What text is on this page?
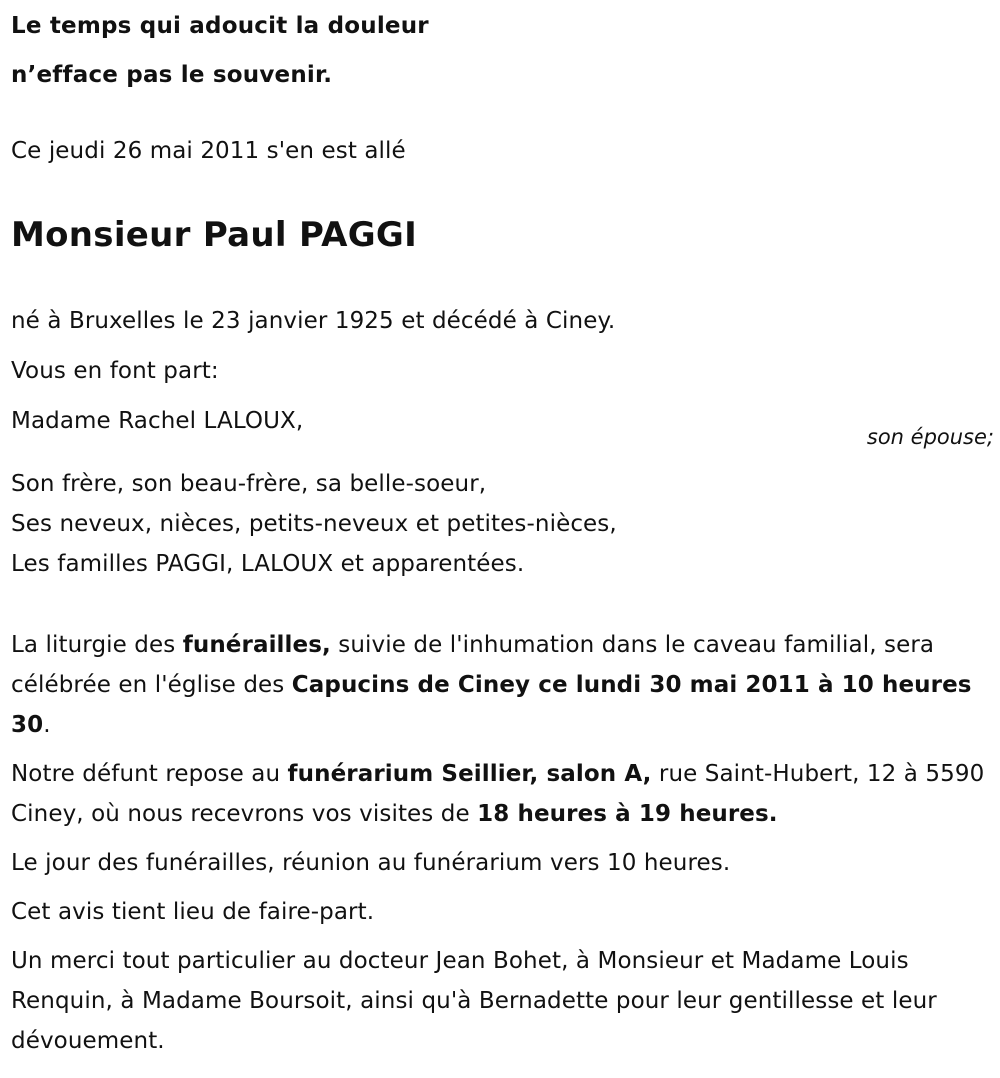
Le temps qui adoucit la douleur
n’efface pas le souvenir.
Ce jeudi 26 mai 2011 s'en est allé
Monsieur Paul PAGGI
né à Bruxelles le 23 janvier 1925 et décédé à Ciney.
Vous en font part:
Madame Rachel LALOUX,
son épouse;
Son frère, son beau-frère, sa belle-soeur,
Ses neveux, nièces, petits-neveux et petites-nièces,
Les familles PAGGI, LALOUX et apparentées.
La liturgie des funérailles, suivie de l'inhumation dans le caveau familial, sera célébrée en l'église des Capucins de Ciney ce lundi 30 mai 2011 à 10 heures 30.
Notre défunt repose au funérarium Seillier, salon A, rue Saint-Hubert, 12 à 5590 Ciney, où nous recevrons vos visites de 18 heures à 19 heures.
Le jour des funérailles, réunion au funérarium vers 10 heures.
Cet avis tient lieu de faire-part.
Un merci tout particulier au docteur Jean Bohet, à Monsieur et Madame Louis Renquin, à Madame Boursoit, ainsi qu'à Bernadette pour leur gentillesse et leur dévouement.
